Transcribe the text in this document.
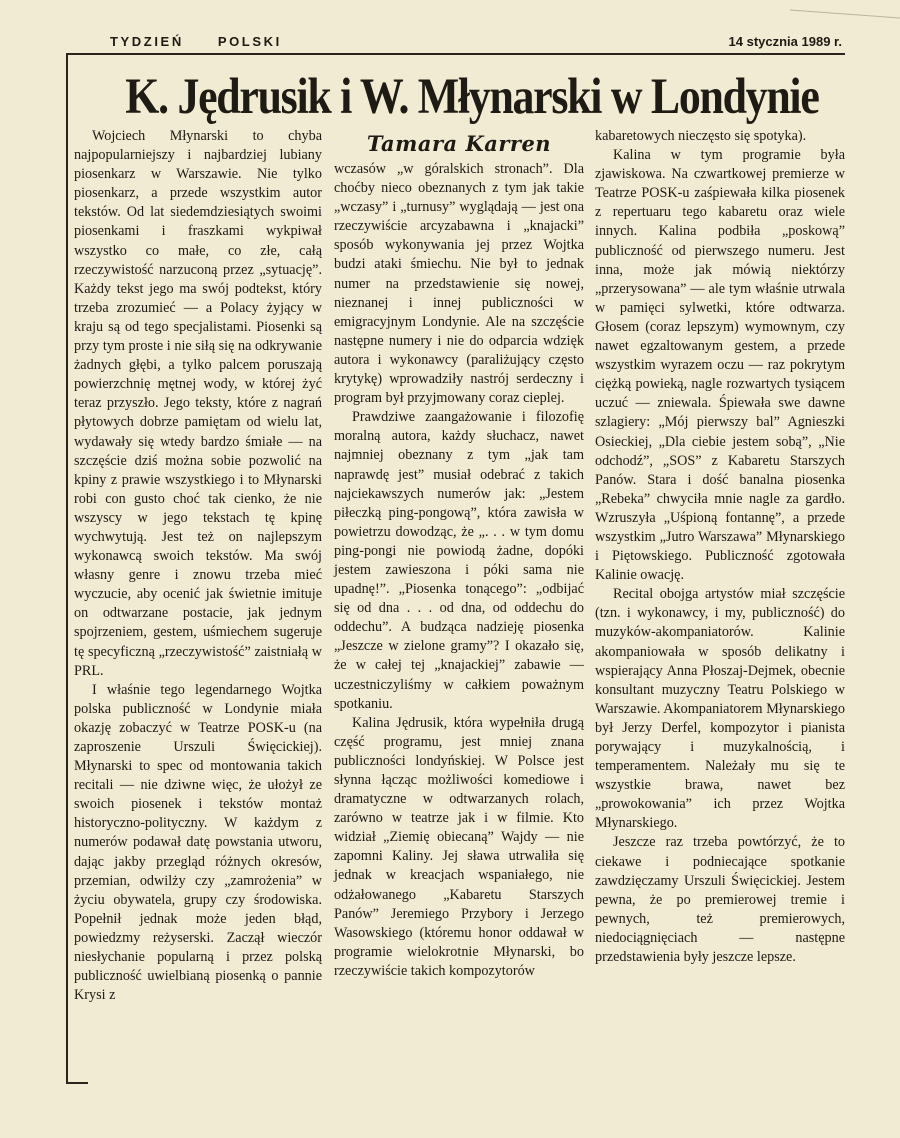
TYDZIEŃ	POLSKI	14 stycznia 1989 r.
K. Jędrusik i W. Młynarski w Londynie

Wojciech Młynarski to chyba najpopularniejszy i najbardziej lubiany piosenkarz w Warszawie. Nie tylko piosenkarz, a przede wszystkim autor tekstów. Od lat siedemdziesiątych swoimi piosenkami i fraszkami wykpiwał wszystko co małe, co złe, całą rzeczywistość narzuconą przez „sytuację”. Każdy tekst jego ma swój podtekst, który trzeba zrozumieć — a Polacy żyjący w kraju są od tego specjalistami. Piosenki są przy tym proste i nie siłą się na odkrywanie żadnych głębi, a tylko palcem poruszają powierzchnię mętnej wody, w której żyć teraz przyszło. Jego teksty, które z nagrań płytowych dobrze pamiętam od wielu lat, wydawały się wtedy bardzo śmiałe — na szczęście dziś można sobie pozwolić na kpiny z prawie wszystkiego i to Młynarski robi con gusto choć tak cienko, że nie wszyscy w jego tekstach tę kpinę wychwytują. Jest też on najlepszym wykonawcą swoich tekstów. Ma swój własny genre i znowu trzeba mieć wyczucie, aby ocenić jak świetnie imituje on odtwarzane postacie, jak jednym spojrzeniem, gestem, uśmiechem sugeruje tę specyficzną „rzeczywistość” zaistniałą w PRL.

I właśnie tego legendarnego Wojtka polska publiczność w Londynie miała okazję zobaczyć w Teatrze POSK-u (na zaproszenie Urszuli Święcickiej). Młynarski to spec od montowania takich recitali — nie dziwne więc, że ułożył ze swoich piosenek i tekstów montaż historyczno-polityczny. W każdym z numerów podawał datę powstania utworu, dając jakby przegląd różnych okresów, przemian, odwilży czy „zamrożenia” w życiu obywatela, grupy czy środowiska. Popełnił jednak może jeden błąd, powiedzmy reżyserski. Zaczął wieczór niesłychanie popularną i przez polską publiczność uwielbianą piosenką o pannie Krysi z

Tamara Karren

wczasów „w góralskich stronach”. Dla choćby nieco obeznanych z tym jak takie „wczasy” i „turnusy” wyglądają — jest ona rzeczywiście arcyzabawna i „knajacki” sposób wykonywania jej przez Wojtka budzi ataki śmiechu. Nie był to jednak numer na przedstawienie się nowej, nieznanej i innej publiczności w emigracyjnym Londynie. Ale na szczęście następne numery i nie do odparcia wdzięk autora i wykonawcy (paraliżujący często krytykę) wprowadziły nastrój serdeczny i program był przyjmowany coraz cieplej.

Prawdziwe zaangażowanie i filozofię moralną autora, każdy słuchacz, nawet najmniej obeznany z tym „jak tam naprawdę jest” musiał odebrać z takich najciekawszych numerów jak: „Jestem piłeczką ping-pongową”, która zawisła w powietrzu dowodząc, że „. . . w tym domu ping-pongi nie powiodą żadne, dopóki jestem zawieszona i póki sama nie upadnę!”. „Piosenka tonącego”: „odbijać się od dna . . . od dna, od oddechu do oddechu”. A budząca nadzieję piosenka „Jeszcze w zielone gramy”? I okazało się, że w całej tej „knajackiej” zabawie — uczestniczyliśmy w całkiem poważnym spotkaniu.

Kalina Jędrusik, która wypełniła drugą część programu, jest mniej znana publiczności londyńskiej. W Polsce jest słynna łącząc możliwości komediowe i dramatyczne w odtwarzanych rolach, zarówno w teatrze jak i w filmie. Kto widział „Ziemię obiecaną” Wajdy — nie zapomni Kaliny. Jej sława utrwaliła się jednak w kreacjach wspaniałego, nie odżałowanego „Kabaretu Starszych Panów” Jeremiego Przybory i Jerzego Wasowskiego (któremu honor oddawał w programie wielokrotnie Młynarski, bo rzeczywiście takich kompozytorów

kabaretowych nieczęsto się spotyka).

Kalina w tym programie była zjawiskowa. Na czwartkowej premierze w Teatrze POSK-u zaśpiewała kilka piosenek z repertuaru tego kabaretu oraz wiele innych. Kalina podbiła „poskową” publiczność od pierwszego numeru. Jest inna, może jak mówią niektórzy „przerysowana” — ale tym właśnie utrwala w pamięci sylwetki, które odtwarza. Głosem (coraz lepszym) wymownym, czy nawet egzaltowanym gestem, a przede wszystkim wyrazem oczu — raz pokrytym ciężką powieką, nagle rozwartych tysiącem uczuć — zniewala. Śpiewała swe dawne szlagiery: „Mój pierwszy bal” Agnieszki Osieckiej, „Dla ciebie jestem sobą”, „Nie odchodź”, „SOS” z Kabaretu Starszych Panów. Stara i dość banalna piosenka „Rebeka” chwyciła mnie nagle za gardło. Wzruszyła „Uśpioną fontannę”, a przede wszystkim „Jutro Warszawa” Młynarskiego i Piętowskiego. Publiczność zgotowała Kalinie owację.

Recital obojga artystów miał szczęście (tzn. i wykonawcy, i my, publiczność) do muzyków-akompaniatorów. Kalinie akompaniowała w sposób delikatny i wspierający Anna Płoszaj-Dejmek, obecnie konsultant muzyczny Teatru Polskiego w Warszawie. Akompaniatorem Młynarskiego był Jerzy Derfel, kompozytor i pianista porywający i muzykalnością, i temperamentem. Należały mu się te wszystkie brawa, nawet bez „prowokowania” ich przez Wojtka Młynarskiego.

Jeszcze raz trzeba powtórzyć, że to ciekawe i podniecające spotkanie zawdzięczamy Urszuli Święcickiej. Jestem pewna, że po premierowej tremie i pewnych, też premierowych, niedociągnięciach — następne przedstawienia były jeszcze lepsze.
